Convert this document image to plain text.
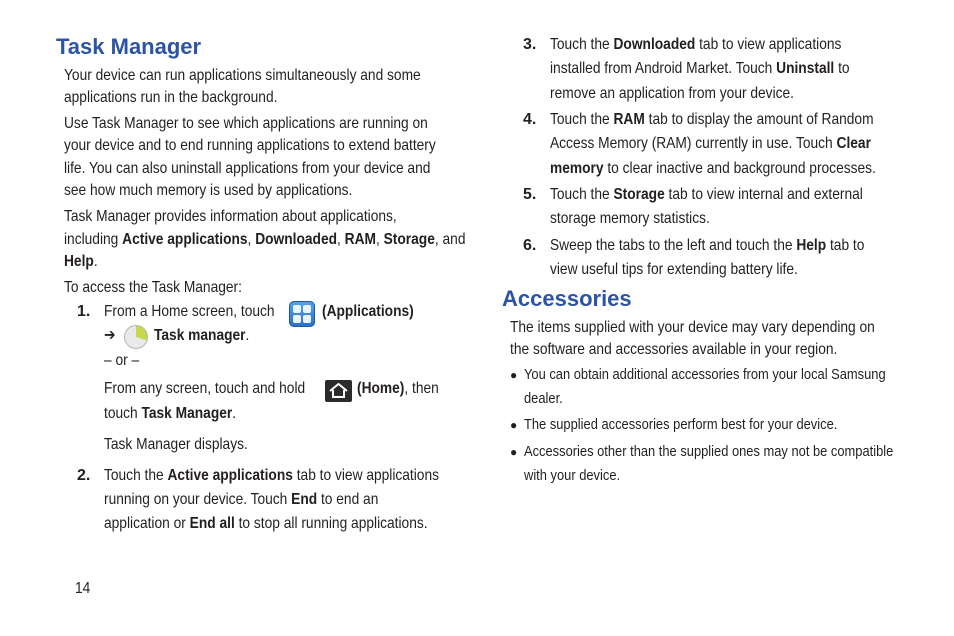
Task Manager
Your device can run applications simultaneously and some
applications run in the background.
Use Task Manager to see which applications are running on
your device and to end running applications to extend battery
life. You can also uninstall applications from your device and
see how much memory is used by applications.
Task Manager provides information about applications,
including Active applications, Downloaded, RAM, Storage, and
Help.
To access the Task Manager:
1. From a Home screen, touch	(Applications)
➔ Task manager.
– or –
From any screen, touch and hold	(Home), then
touch Task Manager.
Task Manager displays.
2. Touch the Active applications tab to view applications
running on your device. Touch End to end an
application or End all to stop all running applications.
14
3. Touch the Downloaded tab to view applications
installed from Android Market. Touch Uninstall to
remove an application from your device.
4. Touch the RAM tab to display the amount of Random
Access Memory (RAM) currently in use. Touch Clear
memory to clear inactive and background processes.
5. Touch the Storage tab to view internal and external
storage memory statistics.
6. Sweep the tabs to the left and touch the Help tab to
view useful tips for extending battery life.
Accessories
The items supplied with your device may vary depending on
the software and accessories available in your region.
● You can obtain additional accessories from your local Samsung
dealer.
● The supplied accessories perform best for your device.
● Accessories other than the supplied ones may not be compatible
with your device.
